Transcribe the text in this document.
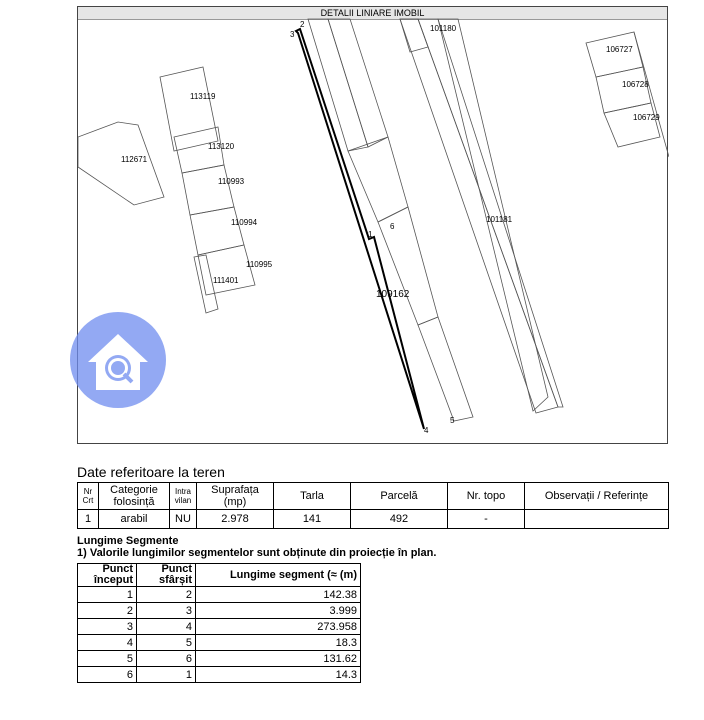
DETALII LINIARE IMOBIL
101180
106727
106728
106729
113119
113120
112671
110993
110994
110995
111401
101181
109162
1
2
3
4
5
6
Date referitoare la teren
Nr Crt	Categorie folosință	Intra vilan	Suprafața (mp)	Tarla	Parcelă	Nr. topo	Observații / Referințe
1	arabil	NU	2.978	141	492	-	
Lungime Segmente
1) Valorile lungimilor segmentelor sunt obținute din proiecție în plan.
Punct început	Punct sfârșit	Lungime segment (≈ (m)
1	2	142.38
2	3	3.999
3	4	273.958
4	5	18.3
5	6	131.62
6	1	14.3
